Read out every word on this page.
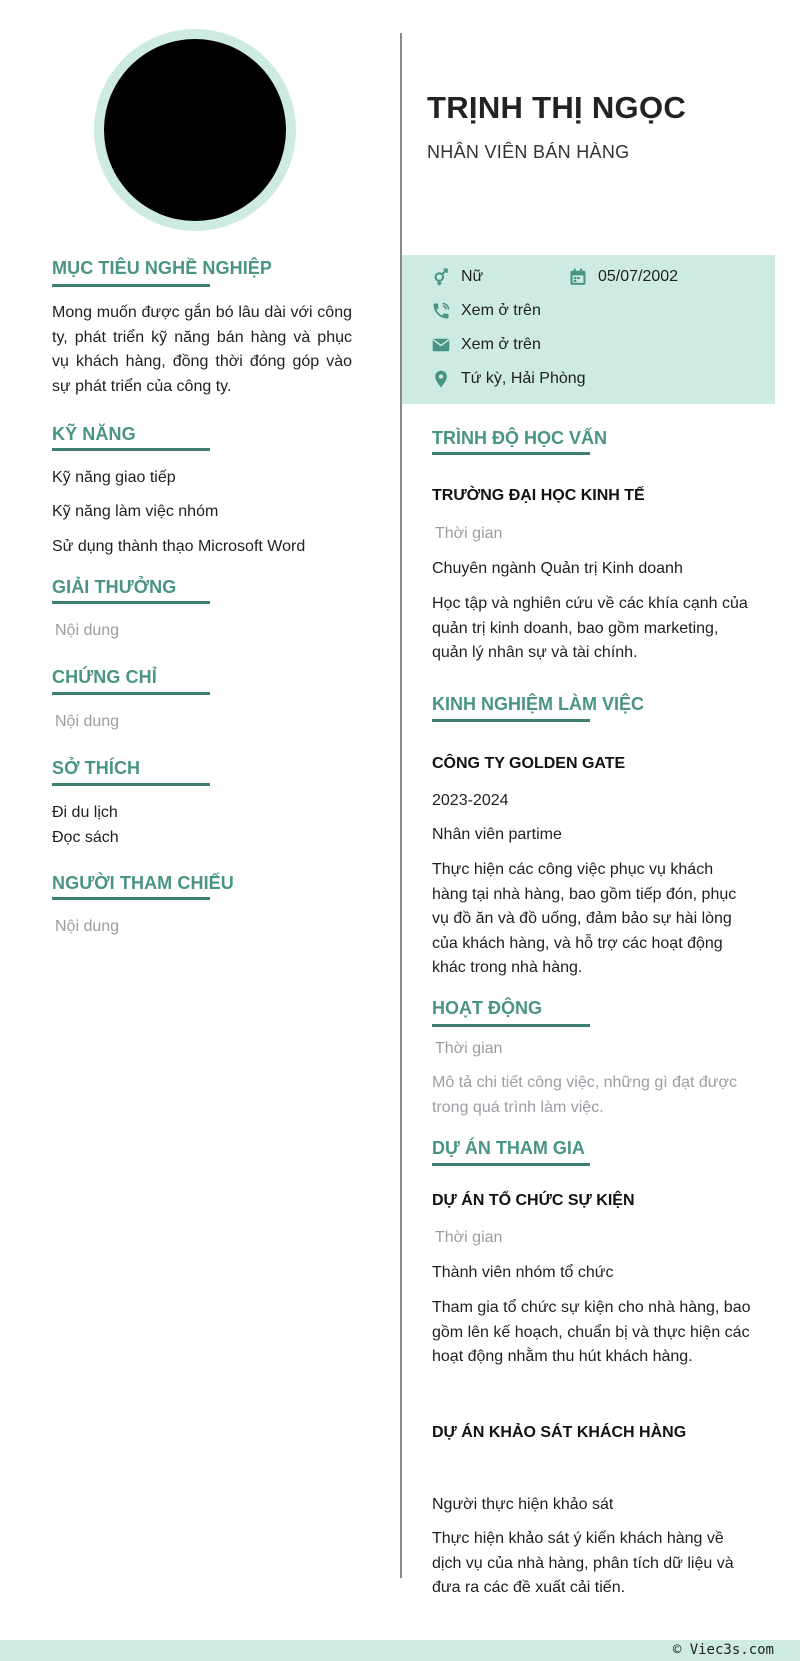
MỤC TIÊU NGHỀ NGHIỆP
Mong muốn được gắn bó lâu dài với công ty, phát triển kỹ năng bán hàng và phục vụ khách hàng, đồng thời đóng góp vào sự phát triển của công ty.
KỸ NĂNG
Kỹ năng giao tiếp
Kỹ năng làm việc nhóm
Sử dụng thành thạo Microsoft Word
GIẢI THƯỞNG
Nội dung
CHỨNG CHỈ
Nội dung
SỞ THÍCH
Đi du lịch
Đọc sách
NGƯỜI THAM CHIẾU
Nội dung
TRỊNH THỊ NGỌC
NHÂN VIÊN BÁN HÀNG
Nữ	05/07/2002
Xem ở trên
Xem ở trên
Tứ kỳ, Hải Phòng
TRÌNH ĐỘ HỌC VẤN
TRƯỜNG ĐẠI HỌC KINH TẾ
Thời gian
Chuyên ngành Quản trị Kinh doanh
Học tập và nghiên cứu về các khía cạnh của quản trị kinh doanh, bao gồm marketing, quản lý nhân sự và tài chính.
KINH NGHIỆM LÀM VIỆC
CÔNG TY GOLDEN GATE
2023-2024
Nhân viên partime
Thực hiện các công việc phục vụ khách hàng tại nhà hàng, bao gồm tiếp đón, phục vụ đồ ăn và đồ uống, đảm bảo sự hài lòng của khách hàng, và hỗ trợ các hoạt động khác trong nhà hàng.
HOẠT ĐỘNG
Thời gian
Mô tả chi tiết công việc, những gì đạt được trong quá trình làm việc.
DỰ ÁN THAM GIA
DỰ ÁN TỔ CHỨC SỰ KIỆN
Thời gian
Thành viên nhóm tổ chức
Tham gia tổ chức sự kiện cho nhà hàng, bao gồm lên kế hoạch, chuẩn bị và thực hiện các hoạt động nhằm thu hút khách hàng.
DỰ ÁN KHẢO SÁT KHÁCH HÀNG
Người thực hiện khảo sát
Thực hiện khảo sát ý kiến khách hàng về dịch vụ của nhà hàng, phân tích dữ liệu và đưa ra các đề xuất cải tiến.
© Viec3s.com
